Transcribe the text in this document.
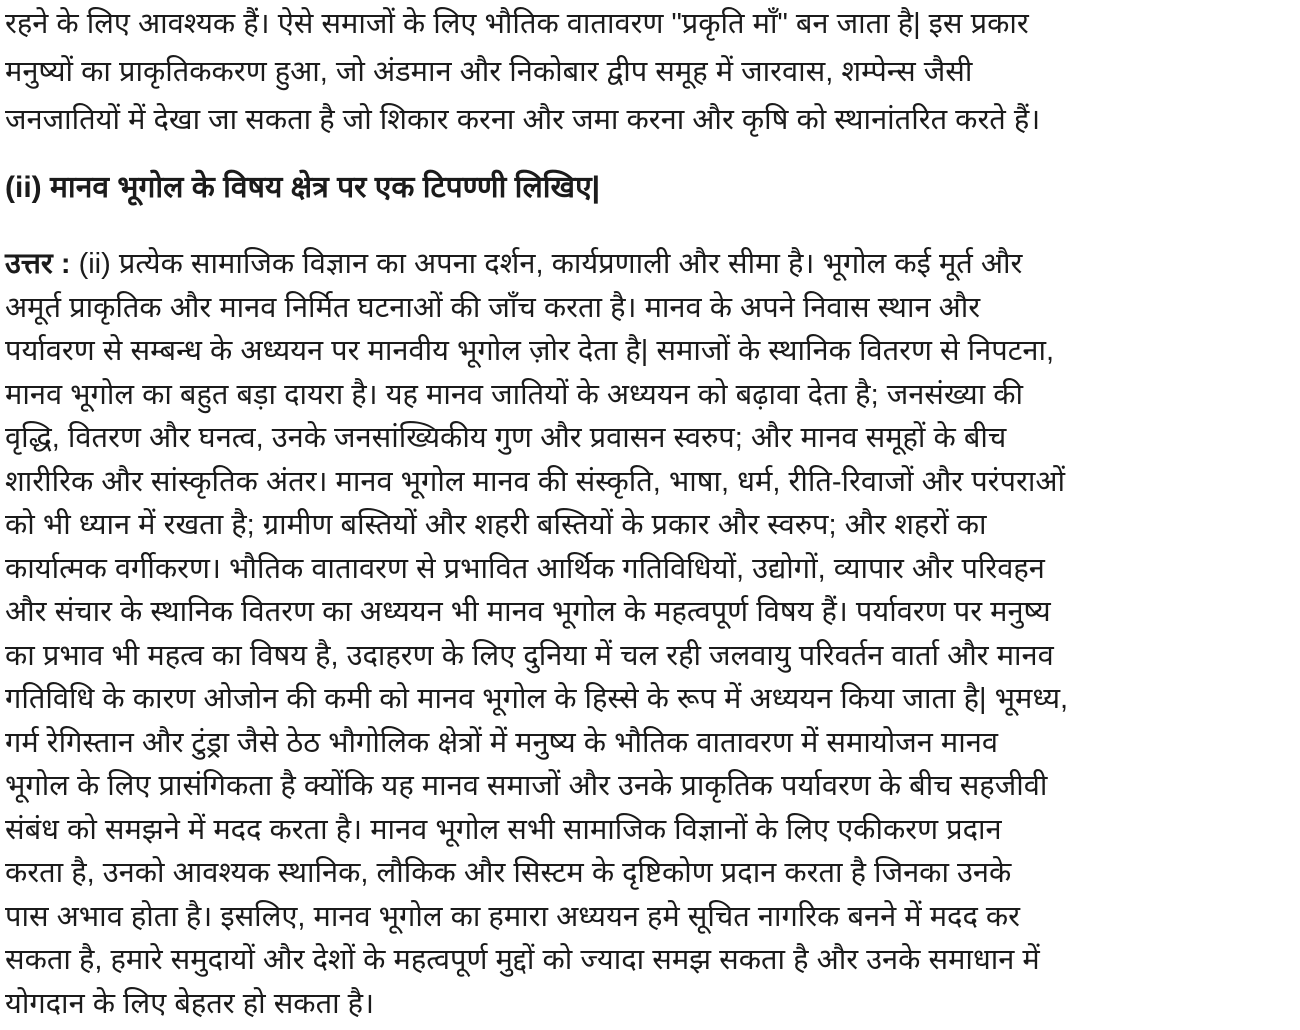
रहने के लिए आवश्यक हैं। ऐसे समाजों के लिए भौतिक वातावरण "प्रकृति माँ" बन जाता है| इस प्रकार
मनुष्यों का प्राकृतिककरण हुआ, जो अंडमान और निकोबार द्वीप समूह में जारवास, शम्पेन्स जैसी
जनजातियों में देखा जा सकता है जो शिकार करना और जमा करना और कृषि को स्थानांतरित करते हैं।
(ii) मानव भूगोल के विषय क्षेत्र पर एक टिपण्णी लिखिए|
उत्तर : (ii) प्रत्येक सामाजिक विज्ञान का अपना दर्शन, कार्यप्रणाली और सीमा है। भूगोल कई मूर्त और
अमूर्त प्राकृतिक और मानव निर्मित घटनाओं की जाँच करता है। मानव के अपने निवास स्थान और
पर्यावरण से सम्बन्ध के अध्ययन पर मानवीय भूगोल ज़ोर देता है| समाजों के स्थानिक वितरण से निपटना,
मानव भूगोल का बहुत बड़ा दायरा है। यह मानव जातियों के अध्ययन को बढ़ावा देता है; जनसंख्या की
वृद्धि, वितरण और घनत्व, उनके जनसांख्यिकीय गुण और प्रवासन स्वरुप; और मानव समूहों के बीच
शारीरिक और सांस्कृतिक अंतर। मानव भूगोल मानव की संस्कृति, भाषा, धर्म, रीति-रिवाजों और परंपराओं
को भी ध्यान में रखता है; ग्रामीण बस्तियों और शहरी बस्तियों के प्रकार और स्वरुप; और शहरों का
कार्यात्मक वर्गीकरण। भौतिक वातावरण से प्रभावित आर्थिक गतिविधियों, उद्योगों, व्यापार और परिवहन
और संचार के स्थानिक वितरण का अध्ययन भी मानव भूगोल के महत्वपूर्ण विषय हैं। पर्यावरण पर मनुष्य
का प्रभाव भी महत्व का विषय है, उदाहरण के लिए दुनिया में चल रही जलवायु परिवर्तन वार्ता और मानव
गतिविधि के कारण ओजोन की कमी को मानव भूगोल के हिस्से के रूप में अध्ययन किया जाता है| भूमध्य,
गर्म रेगिस्तान और टुंड्रा जैसे ठेठ भौगोलिक क्षेत्रों में मनुष्य के भौतिक वातावरण में समायोजन मानव
भूगोल के लिए प्रासंगिकता है क्योंकि यह मानव समाजों और उनके प्राकृतिक पर्यावरण के बीच सहजीवी
संबंध को समझने में मदद करता है। मानव भूगोल सभी सामाजिक विज्ञानों के लिए एकीकरण प्रदान
करता है, उनको आवश्यक स्थानिक, लौकिक और सिस्टम के दृष्टिकोण प्रदान करता है जिनका उनके
पास अभाव होता है। इसलिए, मानव भूगोल का हमारा अध्ययन हमे सूचित नागरिक बनने में मदद कर
सकता है, हमारे समुदायों और देशों के महत्वपूर्ण मुद्दों को ज्यादा समझ सकता है और उनके समाधान में
योगदान के लिए बेहतर हो सकता है।
